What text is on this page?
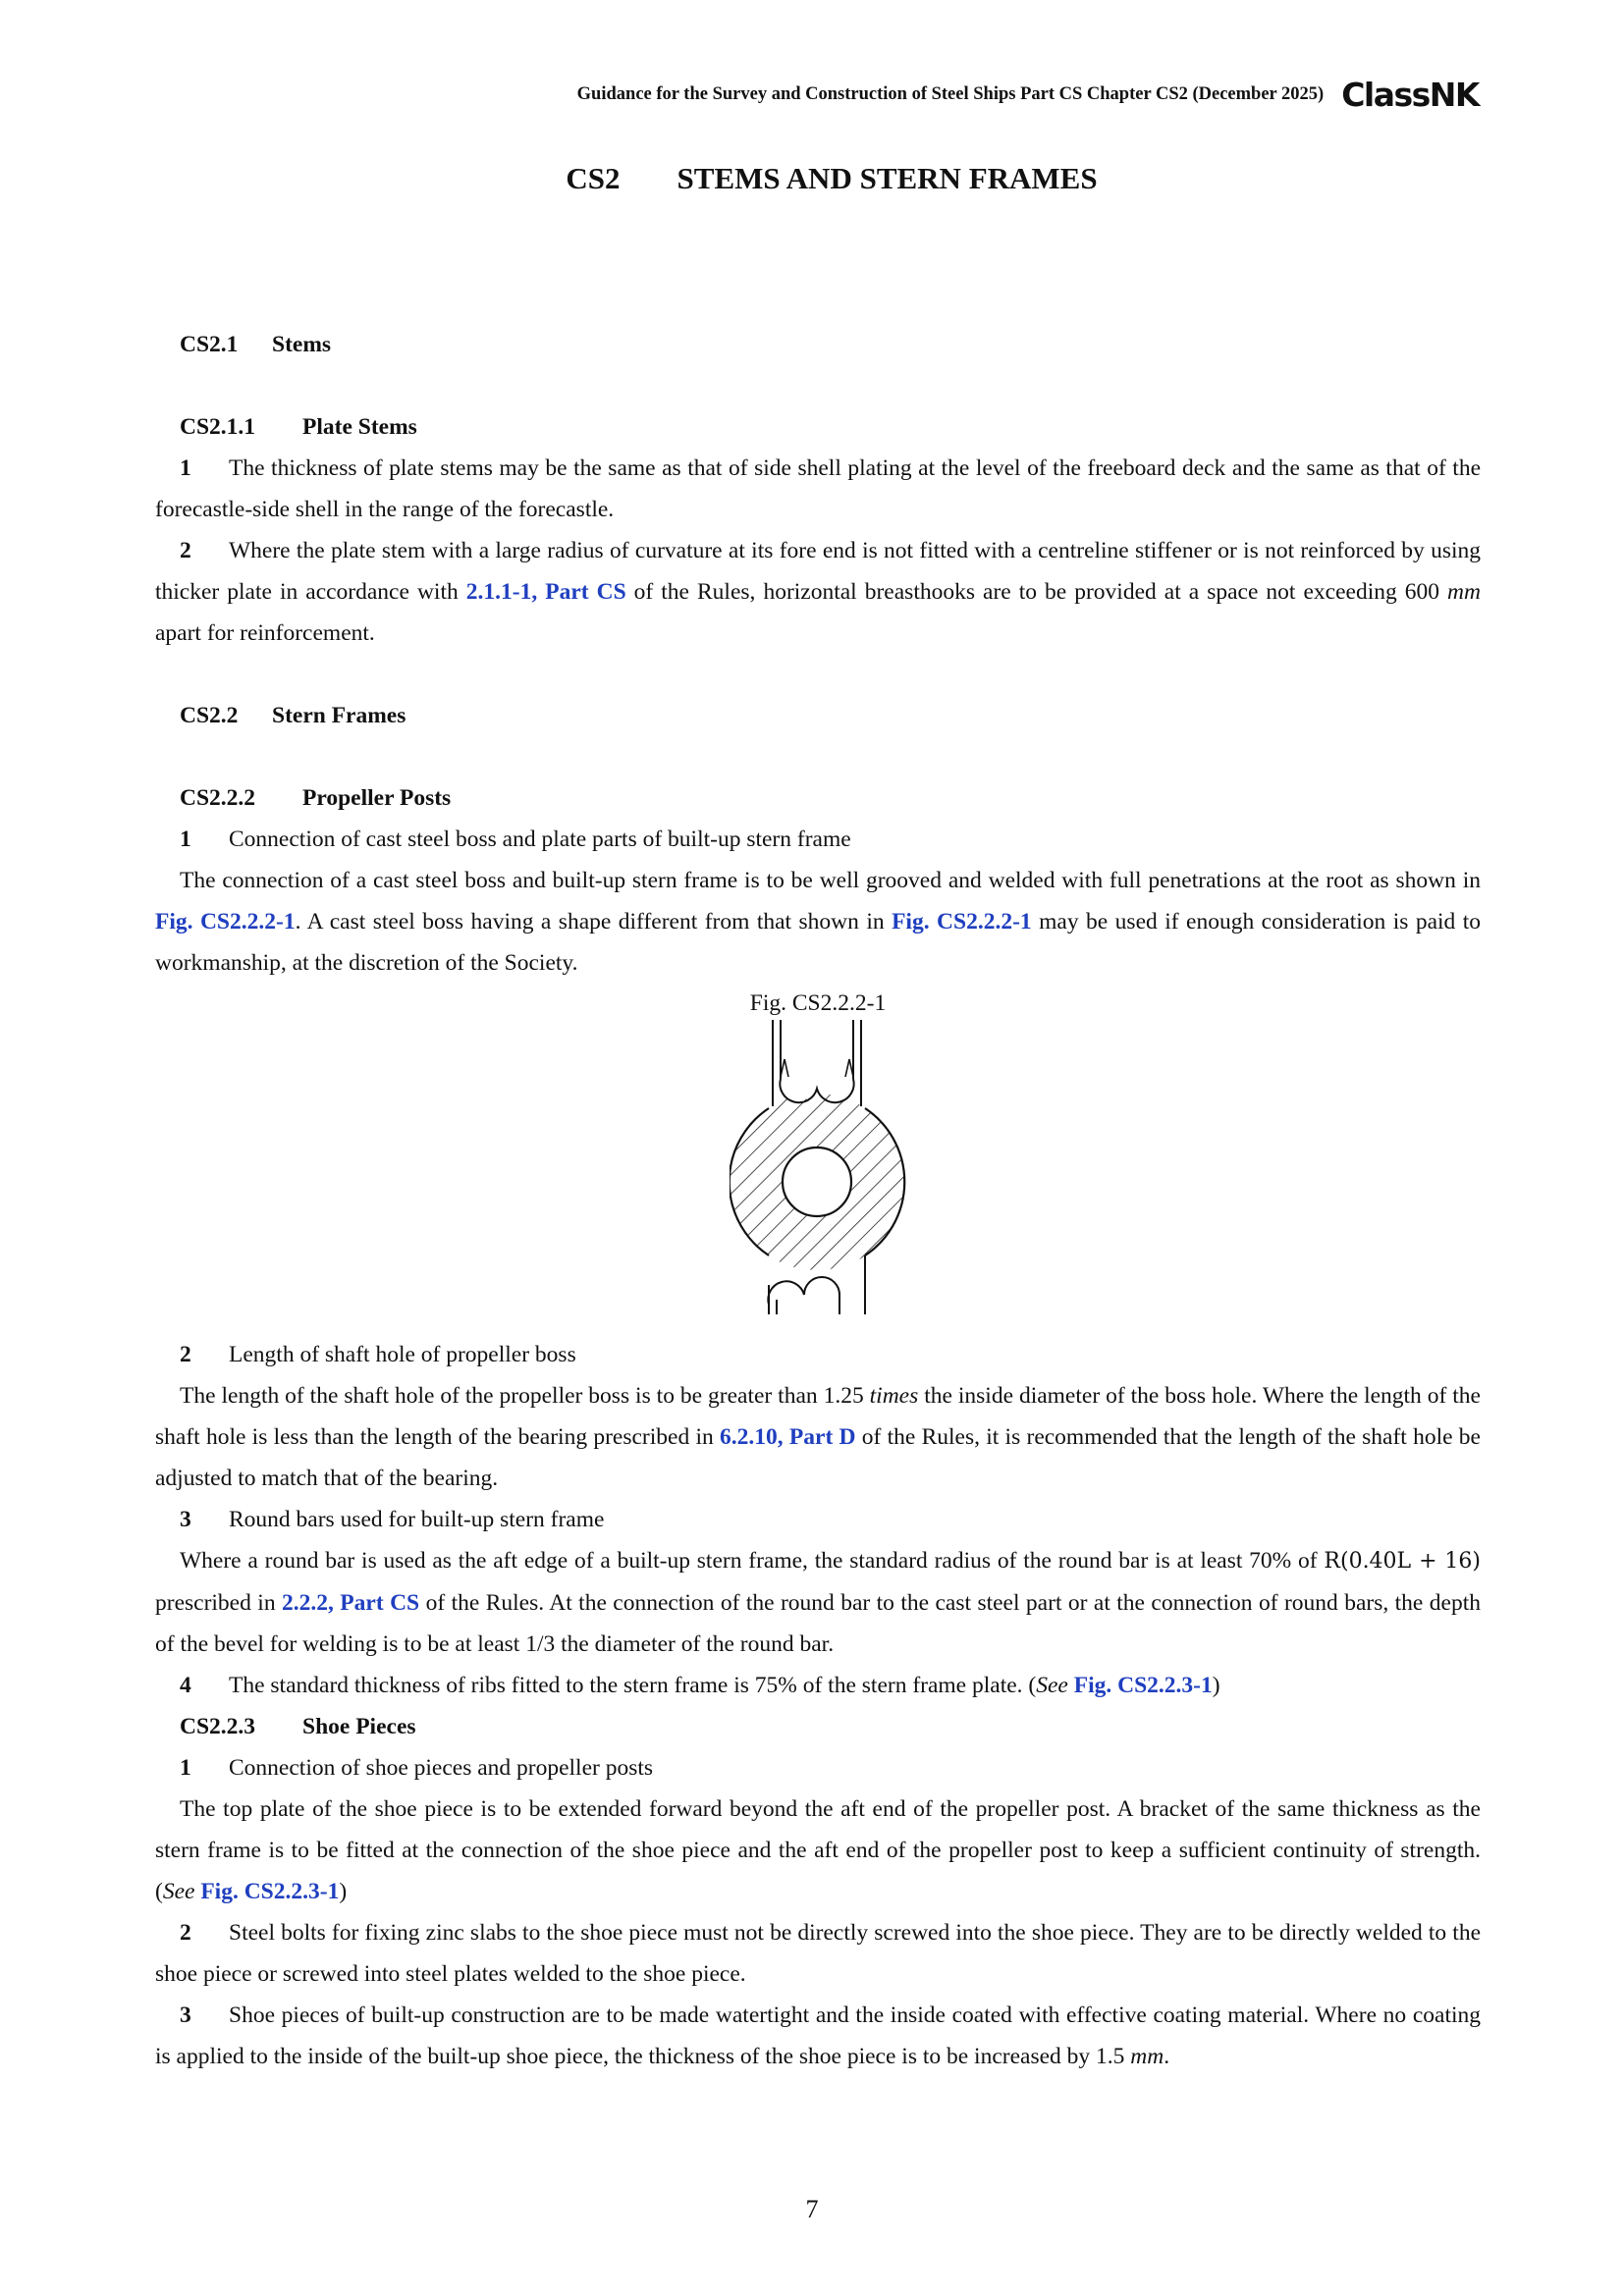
Guidance for the Survey and Construction of Steel Ships Part CS Chapter CS2 (December 2025) ClassNK
CS2 STEMS AND STERN FRAMES
CS2.1 Stems
CS2.1.1 Plate Stems
1 The thickness of plate stems may be the same as that of side shell plating at the level of the freeboard deck and the same as that of the forecastle-side shell in the range of the forecastle.
2 Where the plate stem with a large radius of curvature at its fore end is not fitted with a centreline stiffener or is not reinforced by using thicker plate in accordance with 2.1.1-1, Part CS of the Rules, horizontal breasthooks are to be provided at a space not exceeding 600 mm apart for reinforcement.
CS2.2 Stern Frames
CS2.2.2 Propeller Posts
1 Connection of cast steel boss and plate parts of built-up stern frame
The connection of a cast steel boss and built-up stern frame is to be well grooved and welded with full penetrations at the root as shown in Fig. CS2.2.2-1. A cast steel boss having a shape different from that shown in Fig. CS2.2.2-1 may be used if enough consideration is paid to workmanship, at the discretion of the Society.
Fig. CS2.2.2-1
2 Length of shaft hole of propeller boss
The length of the shaft hole of the propeller boss is to be greater than 1.25 times the inside diameter of the boss hole. Where the length of the shaft hole is less than the length of the bearing prescribed in 6.2.10, Part D of the Rules, it is recommended that the length of the shaft hole be adjusted to match that of the bearing.
3 Round bars used for built-up stern frame
Where a round bar is used as the aft edge of a built-up stern frame, the standard radius of the round bar is at least 70% of R(0.40L + 16) prescribed in 2.2.2, Part CS of the Rules. At the connection of the round bar to the cast steel part or at the connection of round bars, the depth of the bevel for welding is to be at least 1/3 the diameter of the round bar.
4 The standard thickness of ribs fitted to the stern frame is 75% of the stern frame plate. (See Fig. CS2.2.3-1)
CS2.2.3 Shoe Pieces
1 Connection of shoe pieces and propeller posts
The top plate of the shoe piece is to be extended forward beyond the aft end of the propeller post. A bracket of the same thickness as the stern frame is to be fitted at the connection of the shoe piece and the aft end of the propeller post to keep a sufficient continuity of strength. (See Fig. CS2.2.3-1)
2 Steel bolts for fixing zinc slabs to the shoe piece must not be directly screwed into the shoe piece. They are to be directly welded to the shoe piece or screwed into steel plates welded to the shoe piece.
3 Shoe pieces of built-up construction are to be made watertight and the inside coated with effective coating material. Where no coating is applied to the inside of the built-up shoe piece, the thickness of the shoe piece is to be increased by 1.5 mm.
7
